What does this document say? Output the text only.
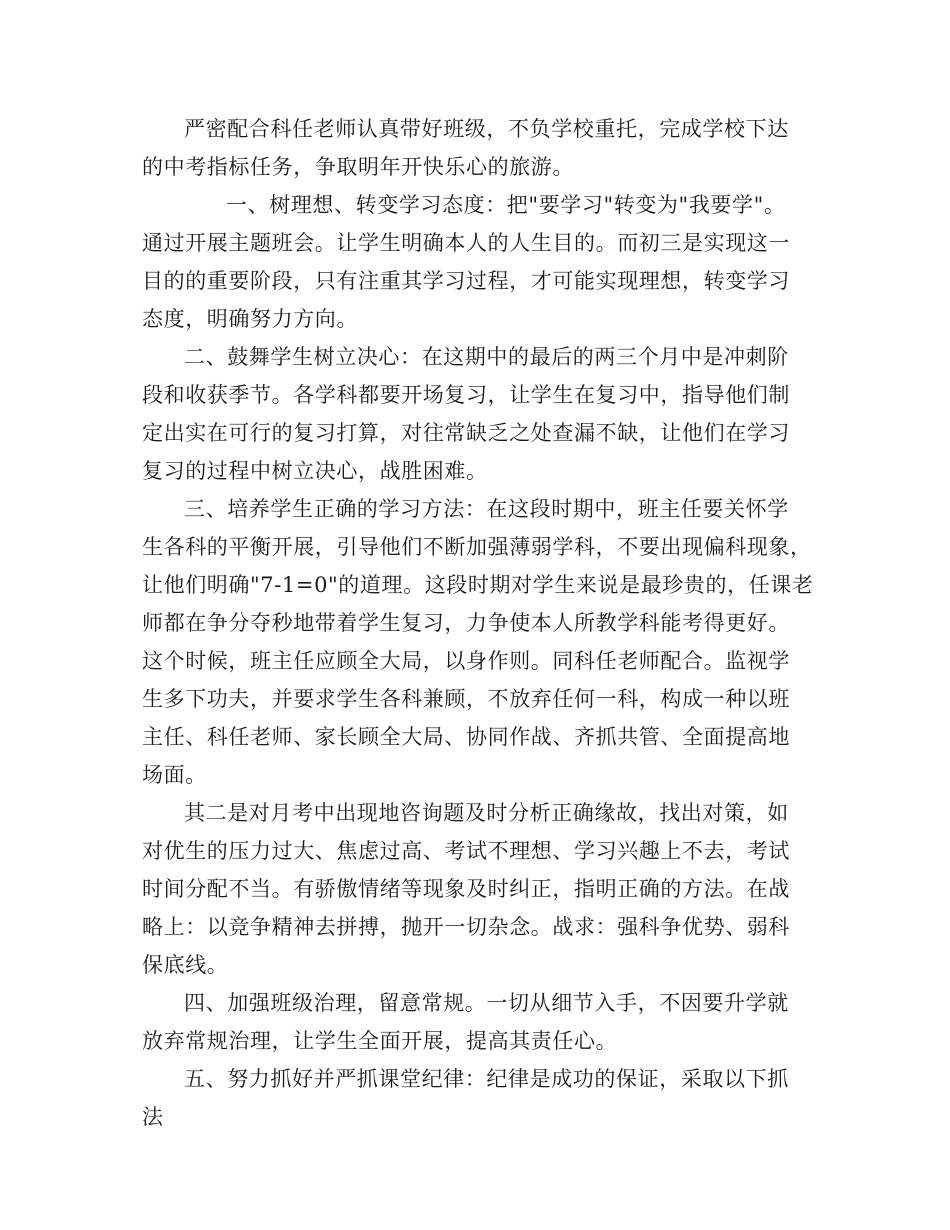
严密配合科任老师认真带好班级，不负学校重托，完成学校下达
的中考指标任务，争取明年开快乐心的旅游。
一、树理想、转变学习态度：把"要学习"转变为"我要学"。
通过开展主题班会。让学生明确本人的人生目的。而初三是实现这一
目的的重要阶段，只有注重其学习过程，才可能实现理想，转变学习
态度，明确努力方向。
二、鼓舞学生树立决心：在这期中的最后的两三个月中是冲刺阶
段和收获季节。各学科都要开场复习，让学生在复习中，指导他们制
定出实在可行的复习打算，对往常缺乏之处查漏不缺，让他们在学习
复习的过程中树立决心，战胜困难。
三、培养学生正确的学习方法：在这段时期中，班主任要关怀学
生各科的平衡开展，引导他们不断加强薄弱学科，不要出现偏科现象，
让他们明确"7-1=0"的道理。这段时期对学生来说是最珍贵的，任课老
师都在争分夺秒地带着学生复习，力争使本人所教学科能考得更好。
这个时候，班主任应顾全大局，以身作则。同科任老师配合。监视学
生多下功夫，并要求学生各科兼顾，不放弃任何一科，构成一种以班
主任、科任老师、家长顾全大局、协同作战、齐抓共管、全面提高地
场面。
其二是对月考中出现地咨询题及时分析正确缘故，找出对策，如
对优生的压力过大、焦虑过高、考试不理想、学习兴趣上不去，考试
时间分配不当。有骄傲情绪等现象及时纠正，指明正确的方法。在战
略上：以竞争精神去拼搏，抛开一切杂念。战求：强科争优势、弱科
保底线。
四、加强班级治理，留意常规。一切从细节入手，不因要升学就
放弃常规治理，让学生全面开展，提高其责任心。
五、努力抓好并严抓课堂纪律：纪律是成功的保证，采取以下抓
法
